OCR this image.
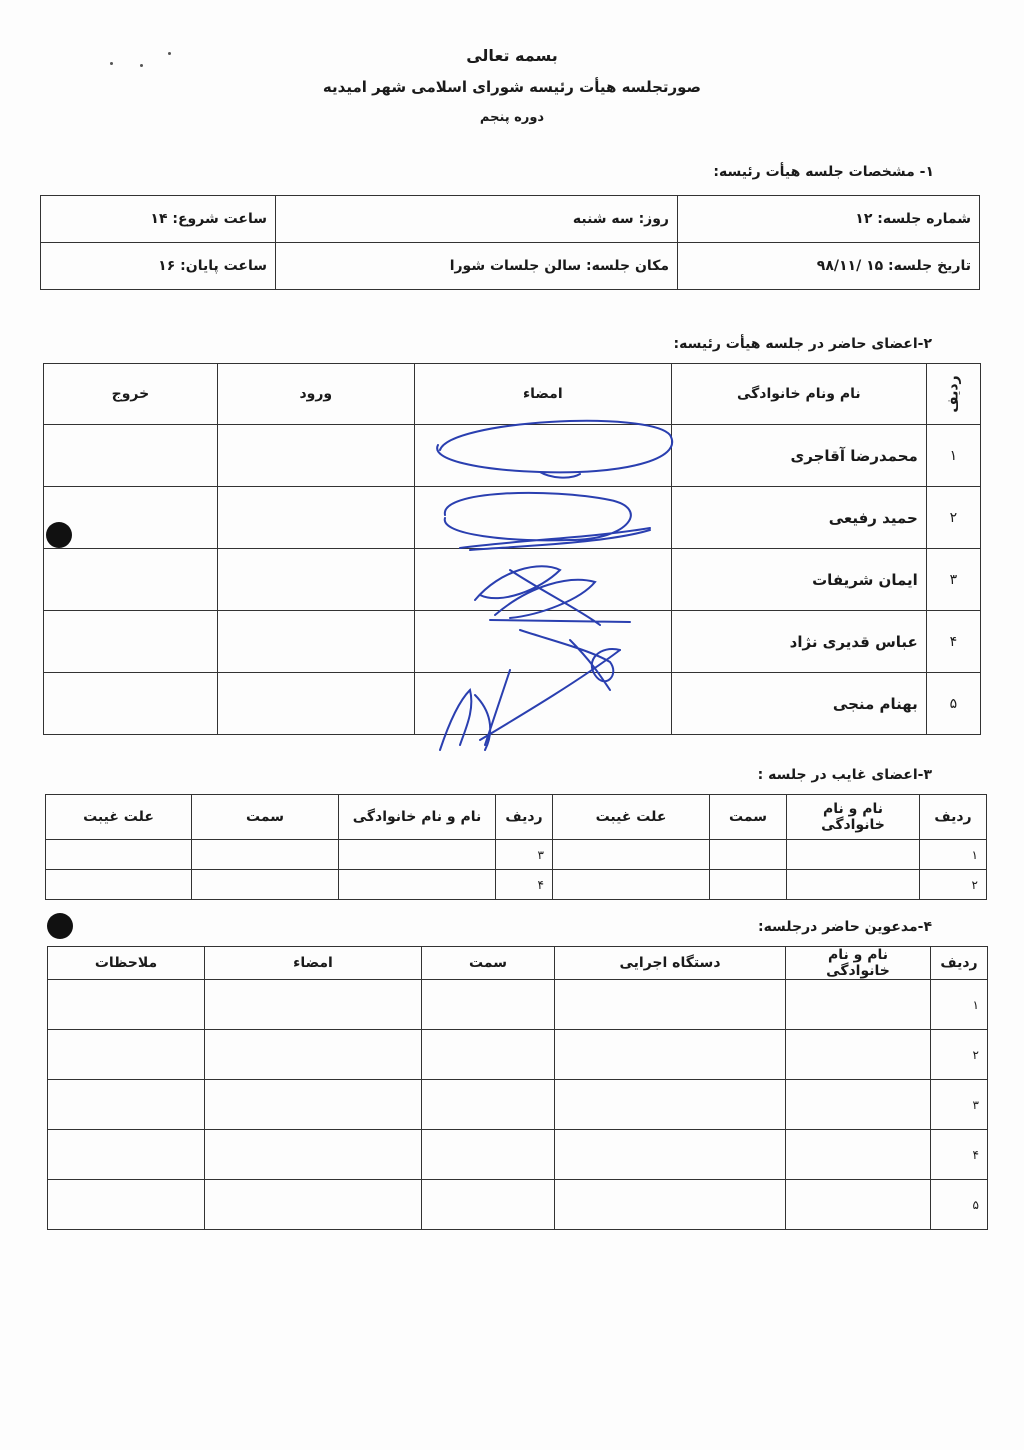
بسمه تعالی
صورتجلسه هیأت رئیسه شورای اسلامی شهر امیدیه
دوره پنجم
۱- مشخصات جلسه هیأت رئیسه:
شماره جلسه: ۱۲	روز: سه شنبه	ساعت شروع: ۱۴
تاریخ جلسه: ۱۵ /۹۸/۱۱	مکان جلسه: سالن جلسات شورا	ساعت پایان: ۱۶
۲-اعضای حاضر در جلسه هیأت رئیسه:
ردیف	نام ونام خانوادگی	امضاء	ورود	خروج
۱	محمدرضا آقاجری			
۲	حمید رفیعی			
۳	ایمان شریفات			
۴	عباس قدیری نژاد			
۵	بهنام منجی			
۳-اعضای غایب در جلسه :
ردیف	نام و نام خانوادگی	سمت	علت غیبت	ردیف	نام و نام خانوادگی	سمت	علت غیبت
۱				۳			
۲				۴			
۴-مدعوین حاضر درجلسه:
ردیف	نام و نام خانوادگی	دستگاه اجرایی	سمت	امضاء	ملاحظات
۱					
۲					
۳					
۴					
۵					
